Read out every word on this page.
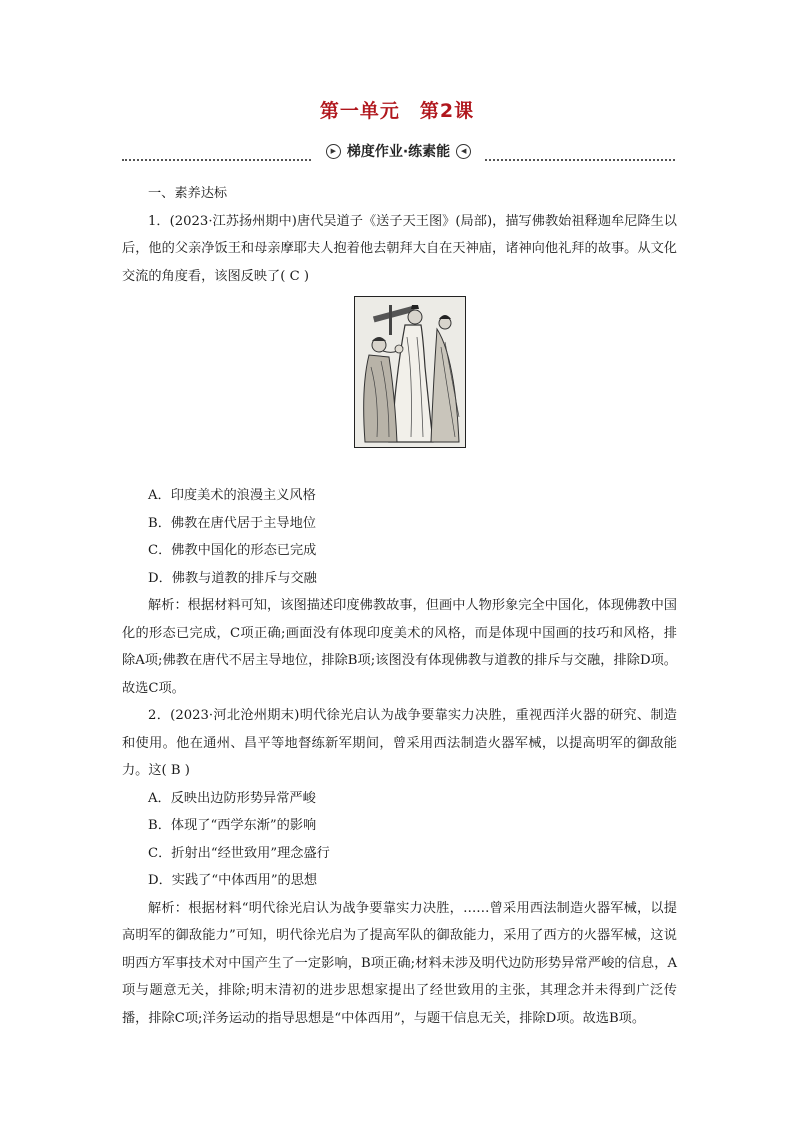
第一单元　第2课
▶ 梯度作业·练素能	◀

一、素养达标

1．(2023·江苏扬州期中)唐代吴道子《送子天王图》(局部)，描写佛教始祖释迦牟尼降生以后，他的父亲净饭王和母亲摩耶夫人抱着他去朝拜大自在天神庙，诸神向他礼拜的故事。从文化交流的角度看，该图反映了( C )

A．印度美术的浪漫主义风格

B．佛教在唐代居于主导地位

C．佛教中国化的形态已完成

D．佛教与道教的排斥与交融

解析：根据材料可知，该图描述印度佛教故事，但画中人物形象完全中国化，体现佛教中国化的形态已完成，C项正确;画面没有体现印度美术的风格，而是体现中国画的技巧和风格，排除A项;佛教在唐代不居主导地位，排除B项;该图没有体现佛教与道教的排斥与交融，排除D项。故选C项。

2．(2023·河北沧州期末)明代徐光启认为战争要靠实力决胜，重视西洋火器的研究、制造和使用。他在通州、昌平等地督练新军期间，曾采用西法制造火器军械，以提高明军的御敌能力。这( B )

A．反映出边防形势异常严峻

B．体现了“西学东渐”的影响

C．折射出“经世致用”理念盛行

D．实践了“中体西用”的思想

解析：根据材料“明代徐光启认为战争要靠实力决胜，……曾采用西法制造火器军械，以提高明军的御敌能力”可知，明代徐光启为了提高军队的御敌能力，采用了西方的火器军械，这说明西方军事技术对中国产生了一定影响，B项正确;材料未涉及明代边防形势异常严峻的信息，A项与题意无关，排除;明末清初的进步思想家提出了经世致用的主张，其理念并未得到广泛传播，排除C项;洋务运动的指导思想是“中体西用”，与题干信息无关，排除D项。故选B项。
